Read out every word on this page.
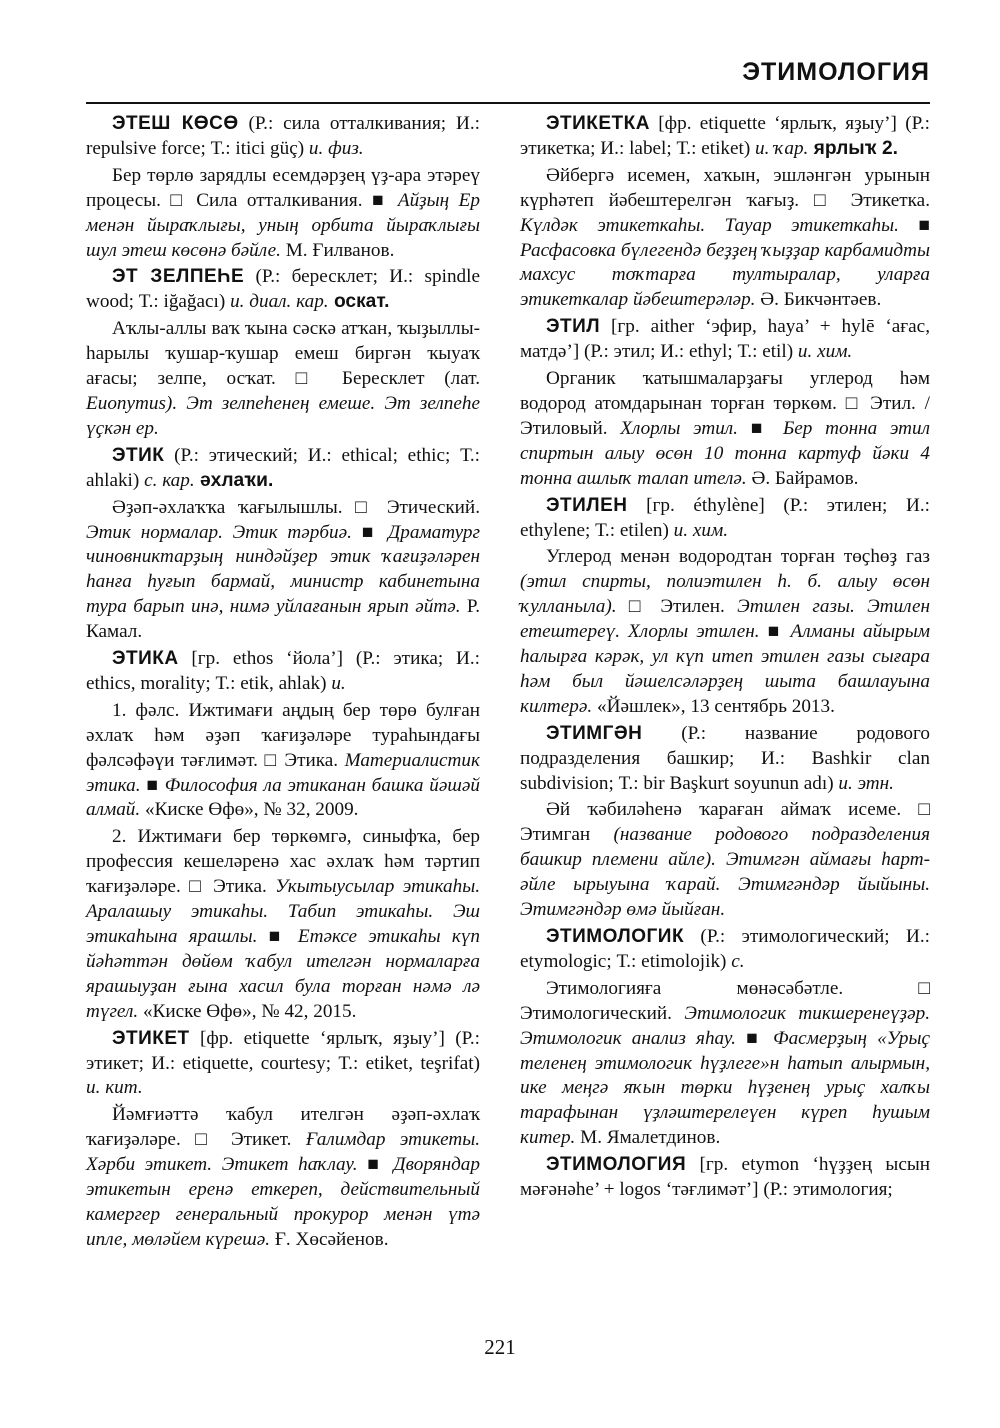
ЭТИМОЛОГИЯ

ЭТЕШ КӨСӨ (Р.: сила отталкивания; И.: repulsive force; Т.: itici güç) и. физ.

Бер төрлө зарядлы есемдәрҙең үҙ-ара этәреү процесы. □ Сила отталкивания. ■ Айҙың Ер менән йыраҡлығы, уның орбита йыраҡлығы шул этеш көсөнә бәйле. М. Ғилванов.

ЭТ ЗЕЛПЕҺЕ (Р.: бересклет; И.: spindle wood; Т.: iğağacı) и. диал. кар. оскат.

Аҡлы-аллы ваҡ ҡына сәскә атҡан, ҡыҙыллы-һарылы ҡушар-ҡушар емеш биргән ҡыуаҡ ағасы; зелпе, осҡат. □ Бересклет (лат. Euonymus). Эт зелпеһенең емеше. Эт зелпеһе үҫкән ер.

ЭТИК (Р.: этический; И.: ethical; ethic; Т.: ahlaki) с. кар. әхлаҡи.

Әҙәп-әхлаҡҡа ҡағылышлы. □ Этический. Этик нормалар. Этик тәрбиә. ■ Драматург чиновниктарҙың ниндәйҙер этик ҡағиҙәләрен һанға һуғып бармай, министр кабинетына тура барып инә, нимә уйлағанын ярып әйтә. Р. Камал.

ЭТИКА [гр. ethos ‘йола’] (Р.: этика; И.: ethics, morality; Т.: etik, ahlak) и.

1. фәлс. Ижтимағи аңдың бер төрө булған әхлаҡ һәм әҙәп ҡағиҙәләре тураһындағы фәлсәфәүи тәғлимәт. □ Этика. Материалистик этика. ■ Философия ла этиканан башка йәшәй алмай. «Киске Өфө», № 32, 2009.

2. Ижтимағи бер төркөмгә, синыфҡа, бер профессия кешеләренә хас әхлаҡ һәм тәртип ҡағиҙәләре. □ Этика. Укытыусылар этикаһы. Аралашыу этикаһы. Табип этикаһы. Эш этикаһына ярашлы. ■ Етәксе этикаһы күп йәһәттән дөйөм ҡабул ителгән нормаларға ярашыуҙан ғына хасил була торған нәмә лә түгел. «Киске Өфө», № 42, 2015.

ЭТИКЕТ [фр. etiquette ‘ярлыҡ, яҙыу’] (Р.: этикет; И.: etiquette, courtesy; Т.: etiket, teşrifat) и. кит.

Йәмғиәттә ҡабул ителгән әҙәп-әхлаҡ ҡағиҙәләре. □ Этикет. Ғалимдар этикеты. Хәрби этикет. Этикет һаҡлау. ■ Дворяндар этикетын еренә еткереп, действительный камергер генеральный прокурор менән үтә ипле, мөләйем күрешә. Ғ. Хөсәйенов.

ЭТИКЕТКА [фр. etiquette ‘ярлыҡ, яҙыу’] (Р.: этикетка; И.: label; Т.: etiket) и. ҡар. ярлыҡ 2.

Әйбергә исемен, хаҡын, эшләнгән урынын күрһәтеп йәбештерелгән ҡағыҙ. □ Этикетка. Күлдәк этикеткаһы. Тауар этикеткаһы. ■ Расфасовка бүлегендә беҙҙең ҡыҙҙар карбамидты махсус тоҡтарға тултыралар, уларға этикеткалар йәбештерәләр. Ә. Бикчәнтәев.

ЭТИЛ [гр. aither ‘эфир, haya’ + hylē ‘ағас, матдә’] (Р.: этил; И.: ethyl; Т.: etil) и. хим.

Органик ҡатышмаларҙағы углерод һәм водород атомдарынан торған төркөм. □ Этил. / Этиловый. Хлорлы этил. ■ Бер тонна этил спиртын алыу өсөн 10 тонна картуф йәки 4 тонна ашлыҡ талап ителә. Ә. Байрамов.

ЭТИЛЕН [гр. éthylène] (Р.: этилен; И.: ethylene; Т.: etilen) и. хим.

Углерод менән водородтан торған төҫһөҙ газ (этил спирты, полиэтилен һ. б. алыу өсөн ҡулланыла). □ Этилен. Этилен газы. Этилен етештереү. Хлорлы этилен. ■ Алманы айырым һалырға кәрәк, ул күп итеп этилен газы сығара һәм был йәшелсәләрҙең шыта башлауына килтерә. «Йәшлек», 13 сентябрь 2013.

ЭТИМГӘН (Р.: название родового подразделения башкир; И.: Bashkir clan subdivision; Т.: bir Başkurt soyunun adı) и. этн.

Әй ҡәбиләһенә ҡараған аймаҡ исеме. □ Этимган (название родового подразделения башкир племени айле). Этимгән аймағы һарт-әйле ырыуына ҡарай. Этимгәндәр йыйыны. Этимгәндәр өмә йыйған.

ЭТИМОЛОГИК (Р.: этимологический; И.: etymologic; Т.: etimolojik) с.

Этимологияға мөнәсәбәтле. □ Этимологический. Этимологик тикшеренеүҙәр. Этимологик анализ яһау. ■ Фасмерҙың «Урыҫ теленең этимологик һүҙлеге»н һатып алырмын, ике меңгә яҡын төрки һүҙенең урыҫ халҡы тарафынан үҙләштерелеүен күреп һушым китер. М. Ямалетдинов.

ЭТИМОЛОГИЯ [гр. etymon ‘һүҙҙең ысын мәғәнәһе’ + logos ‘тәғлимәт’] (Р.: этимология;

221
